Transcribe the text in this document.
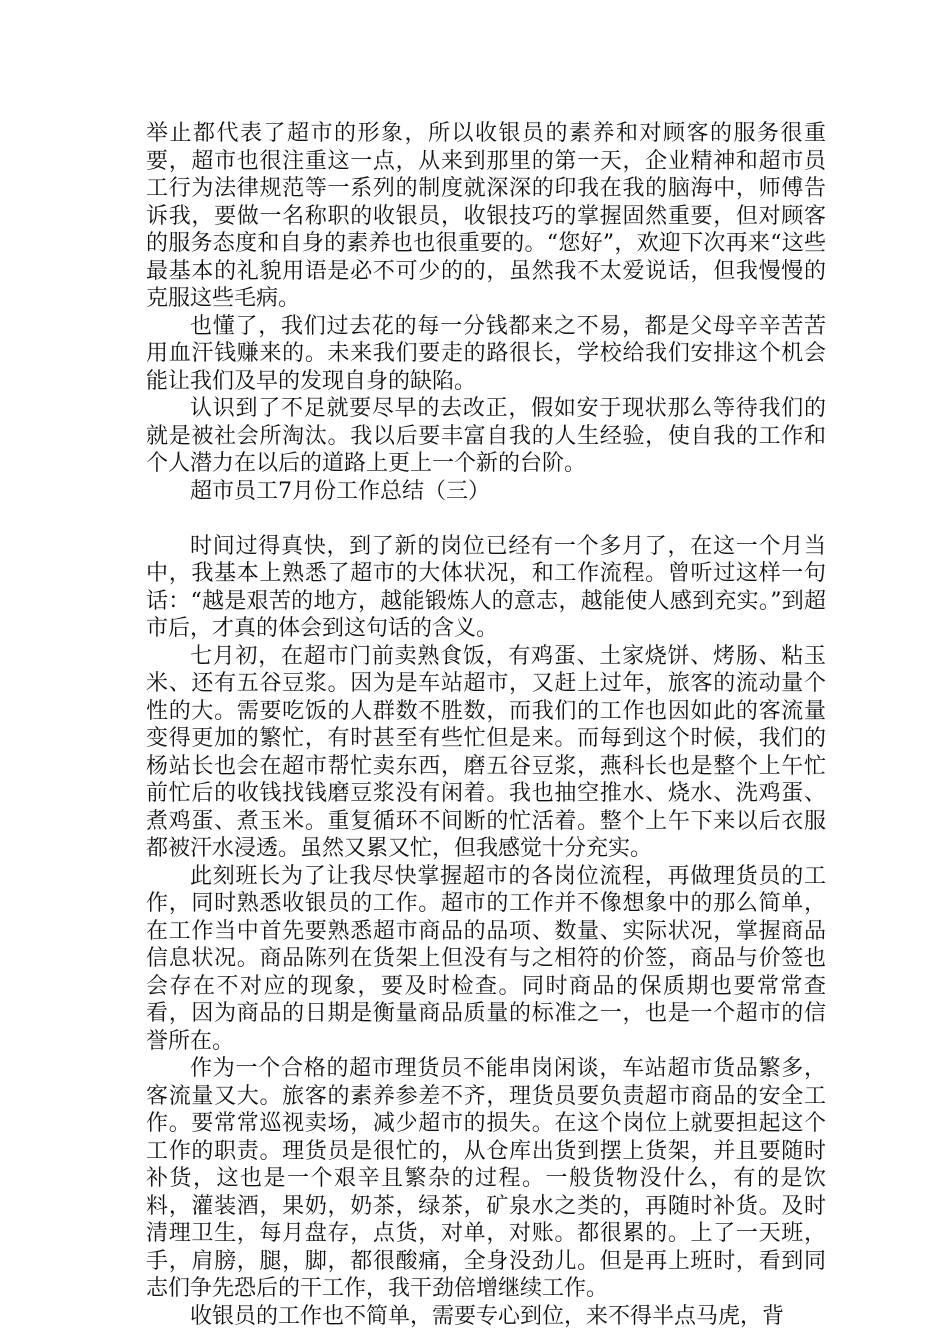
举止都代表了超市的形象，所以收银员的素养和对顾客的服务很重要，超市也很注重这一点，从来到那里的第一天，企业精神和超市员工行为法律规范等一系列的制度就深深的印我在我的脑海中，师傅告诉我，要做一名称职的收银员，收银技巧的掌握固然重要，但对顾客的服务态度和自身的素养也也很重要的。“您好”，欢迎下次再来“这些最基本的礼貌用语是必不可少的的，虽然我不太爱说话，但我慢慢的克服这些毛病。

也懂了，我们过去花的每一分钱都来之不易，都是父母辛辛苦苦用血汗钱赚来的。未来我们要走的路很长，学校给我们安排这个机会能让我们及早的发现自身的缺陷。

认识到了不足就要尽早的去改正，假如安于现状那么等待我们的就是被社会所淘汰。我以后要丰富自我的人生经验，使自我的工作和个人潜力在以后的道路上更上一个新的台阶。

超市员工7月份工作总结（三）

时间过得真快，到了新的岗位已经有一个多月了，在这一个月当中，我基本上熟悉了超市的大体状况，和工作流程。曾听过这样一句话：“越是艰苦的地方，越能锻炼人的意志，越能使人感到充实。”到超市后，才真的体会到这句话的含义。

七月初，在超市门前卖熟食饭，有鸡蛋、土家烧饼、烤肠、粘玉米、还有五谷豆浆。因为是车站超市，又赶上过年，旅客的流动量个性的大。需要吃饭的人群数不胜数，而我们的工作也因如此的客流量变得更加的繁忙，有时甚至有些忙但是来。而每到这个时候，我们的杨站长也会在超市帮忙卖东西，磨五谷豆浆，燕科长也是整个上午忙前忙后的收钱找钱磨豆浆没有闲着。我也抽空推水、烧水、洗鸡蛋、煮鸡蛋、煮玉米。重复循环不间断的忙活着。整个上午下来以后衣服都被汗水浸透。虽然又累又忙，但我感觉十分充实。

此刻班长为了让我尽快掌握超市的各岗位流程，再做理货员的工作，同时熟悉收银员的工作。超市的工作并不像想象中的那么简单，在工作当中首先要熟悉超市商品的品项、数量、实际状况，掌握商品信息状况。商品陈列在货架上但没有与之相符的价签，商品与价签也会存在不对应的现象，要及时检查。同时商品的保质期也要常常查看，因为商品的日期是衡量商品质量的标准之一，也是一个超市的信誉所在。

作为一个合格的超市理货员不能串岗闲谈，车站超市货品繁多，客流量又大。旅客的素养参差不齐，理货员要负责超市商品的安全工作。要常常巡视卖场，减少超市的损失。在这个岗位上就要担起这个工作的职责。理货员是很忙的，从仓库出货到摆上货架，并且要随时补货，这也是一个艰辛且繁杂的过程。一般货物没什么，有的是饮料，灌装酒，果奶，奶茶，绿茶，矿泉水之类的，再随时补货。及时清理卫生，每月盘存，点货，对单，对账。都很累的。上了一天班，手，肩膀，腿，脚，都很酸痛，全身没劲儿。但是再上班时，看到同志们争先恐后的干工作，我干劲倍增继续工作。

收银员的工作也不简单，需要专心到位，来不得半点马虎，背
